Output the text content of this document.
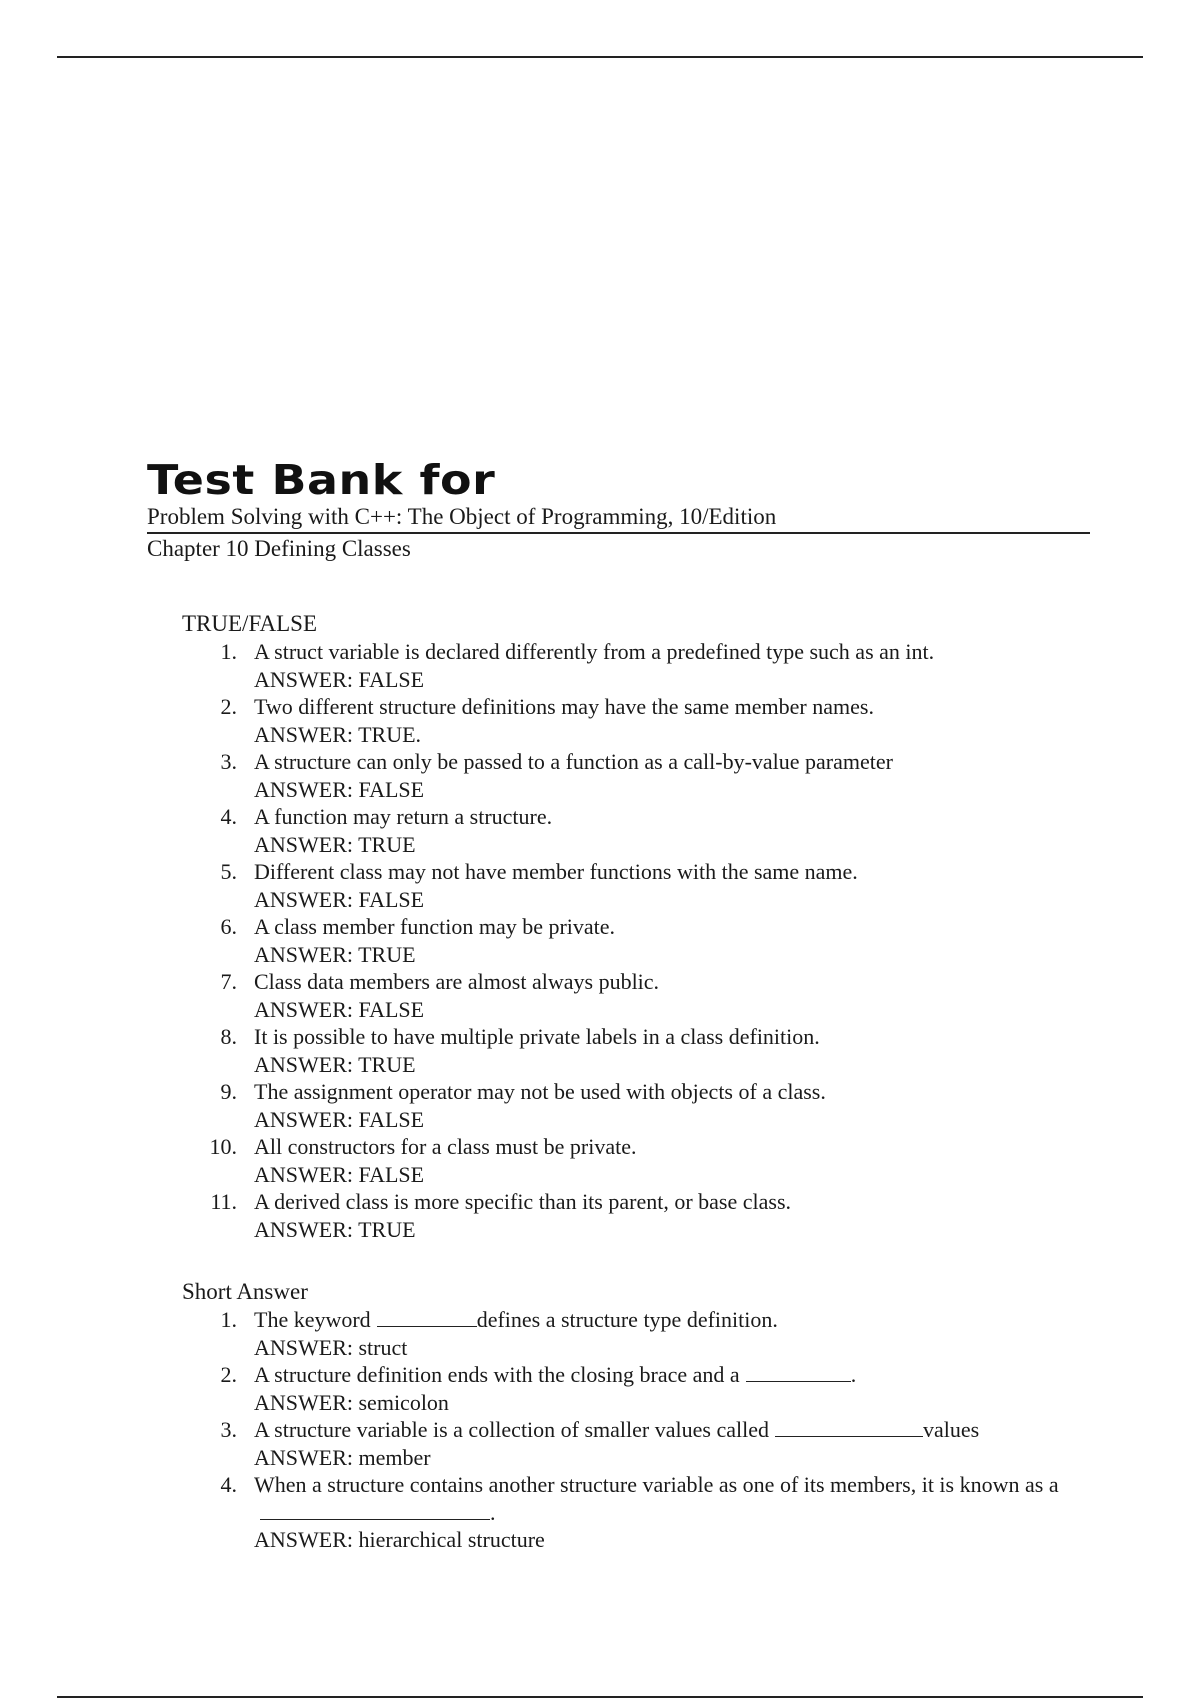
Test Bank for
Problem Solving with C++: The Object of Programming, 10/Edition
Chapter 10 Defining Classes
TRUE/FALSE
1. A struct variable is declared differently from a predefined type such as an int.
ANSWER: FALSE
2. Two different structure definitions may have the same member names.
ANSWER: TRUE.
3. A structure can only be passed to a function as a call-by-value parameter
ANSWER: FALSE
4. A function may return a structure.
ANSWER: TRUE
5. Different class may not have member functions with the same name.
ANSWER: FALSE
6. A class member function may be private.
ANSWER: TRUE
7. Class data members are almost always public.
ANSWER: FALSE
8. It is possible to have multiple private labels in a class definition.
ANSWER: TRUE
9. The assignment operator may not be used with objects of a class.
ANSWER: FALSE
10. All constructors for a class must be private.
ANSWER: FALSE
11. A derived class is more specific than its parent, or base class.
ANSWER: TRUE
Short Answer
1. The keyword	defines a structure type definition.
ANSWER: struct
2. A structure definition ends with the closing brace and a	.
ANSWER: semicolon
3. A structure variable is a collection of smaller values called	values
ANSWER: member
4. When a structure contains another structure variable as one of its members, it is known as a.
ANSWER: hierarchical structure
